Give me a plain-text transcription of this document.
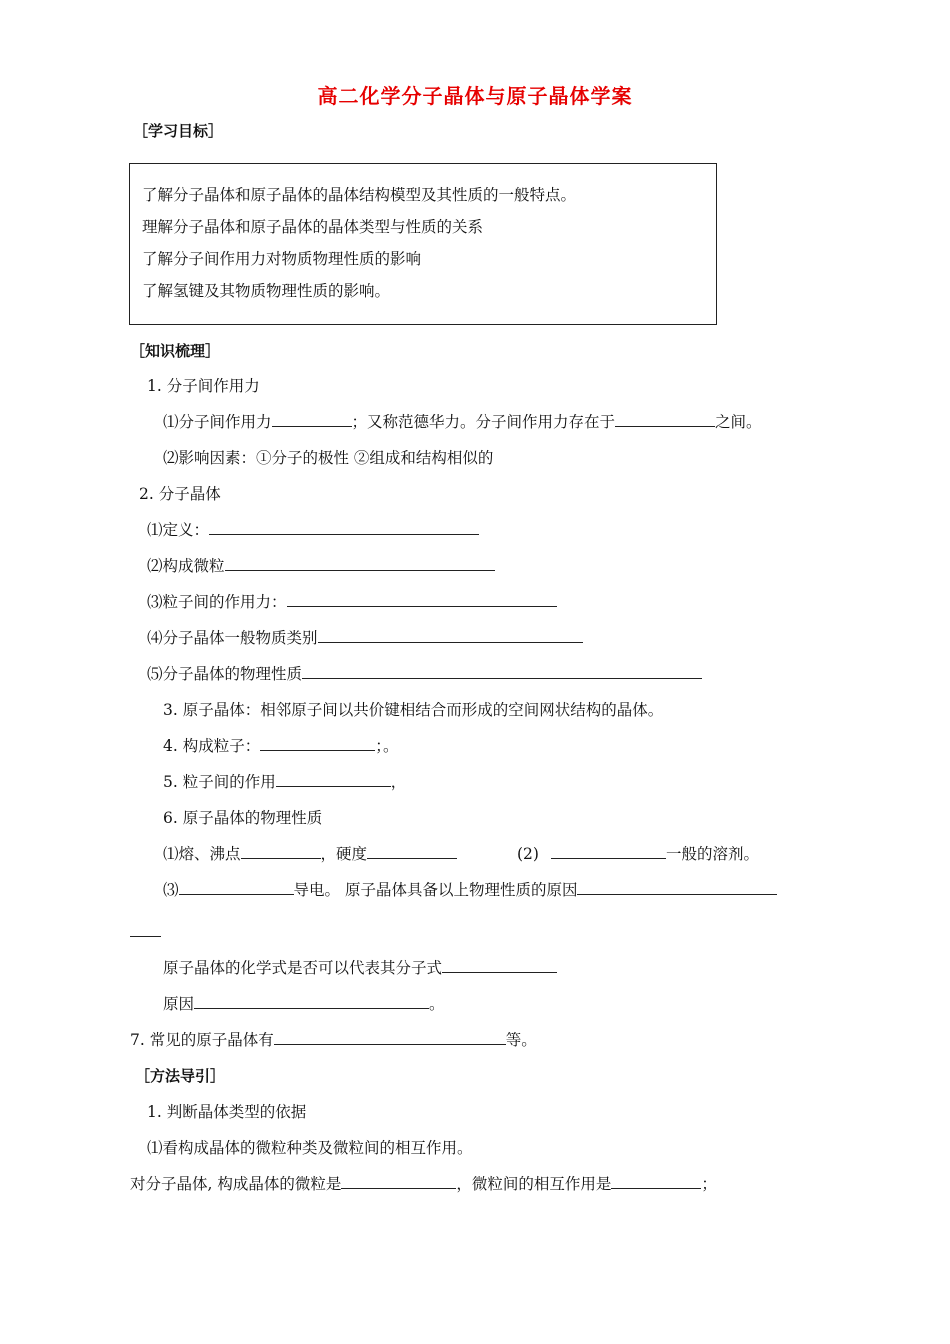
高二化学分子晶体与原子晶体学案
［学习目标］
了解分子晶体和原子晶体的晶体结构模型及其性质的一般特点。
理解分子晶体和原子晶体的晶体类型与性质的关系
了解分子间作用力对物质物理性质的影响
了解氢键及其物质物理性质的影响。
［知识梳理］
1. 分子间作用力
⑴分子间作用力	；又称范德华力。分子间作用力存在于	之间。
⑵影响因素：①分子的极性 ②组成和结构相似的
2. 分子晶体
⑴定义：
⑵构成微粒
⑶粒子间的作用力：
⑷分子晶体一般物质类别
⑸分子晶体的物理性质
3. 原子晶体：相邻原子间以共价键相结合而形成的空间网状结构的晶体。
4. 构成粒子：	；。
5. 粒子间的作用	，
6. 原子晶体的物理性质
⑴熔、沸点	，硬度	(2)	一般的溶剂。
⑶	导电。 原子晶体具备以上物理性质的原因
原子晶体的化学式是否可以代表其分子式
原因	。
7. 常见的原子晶体有	等。
［方法导引］
1. 判断晶体类型的依据
⑴看构成晶体的微粒种类及微粒间的相互作用。
对分子晶体, 构成晶体的微粒是	，微粒间的相互作用是	；
